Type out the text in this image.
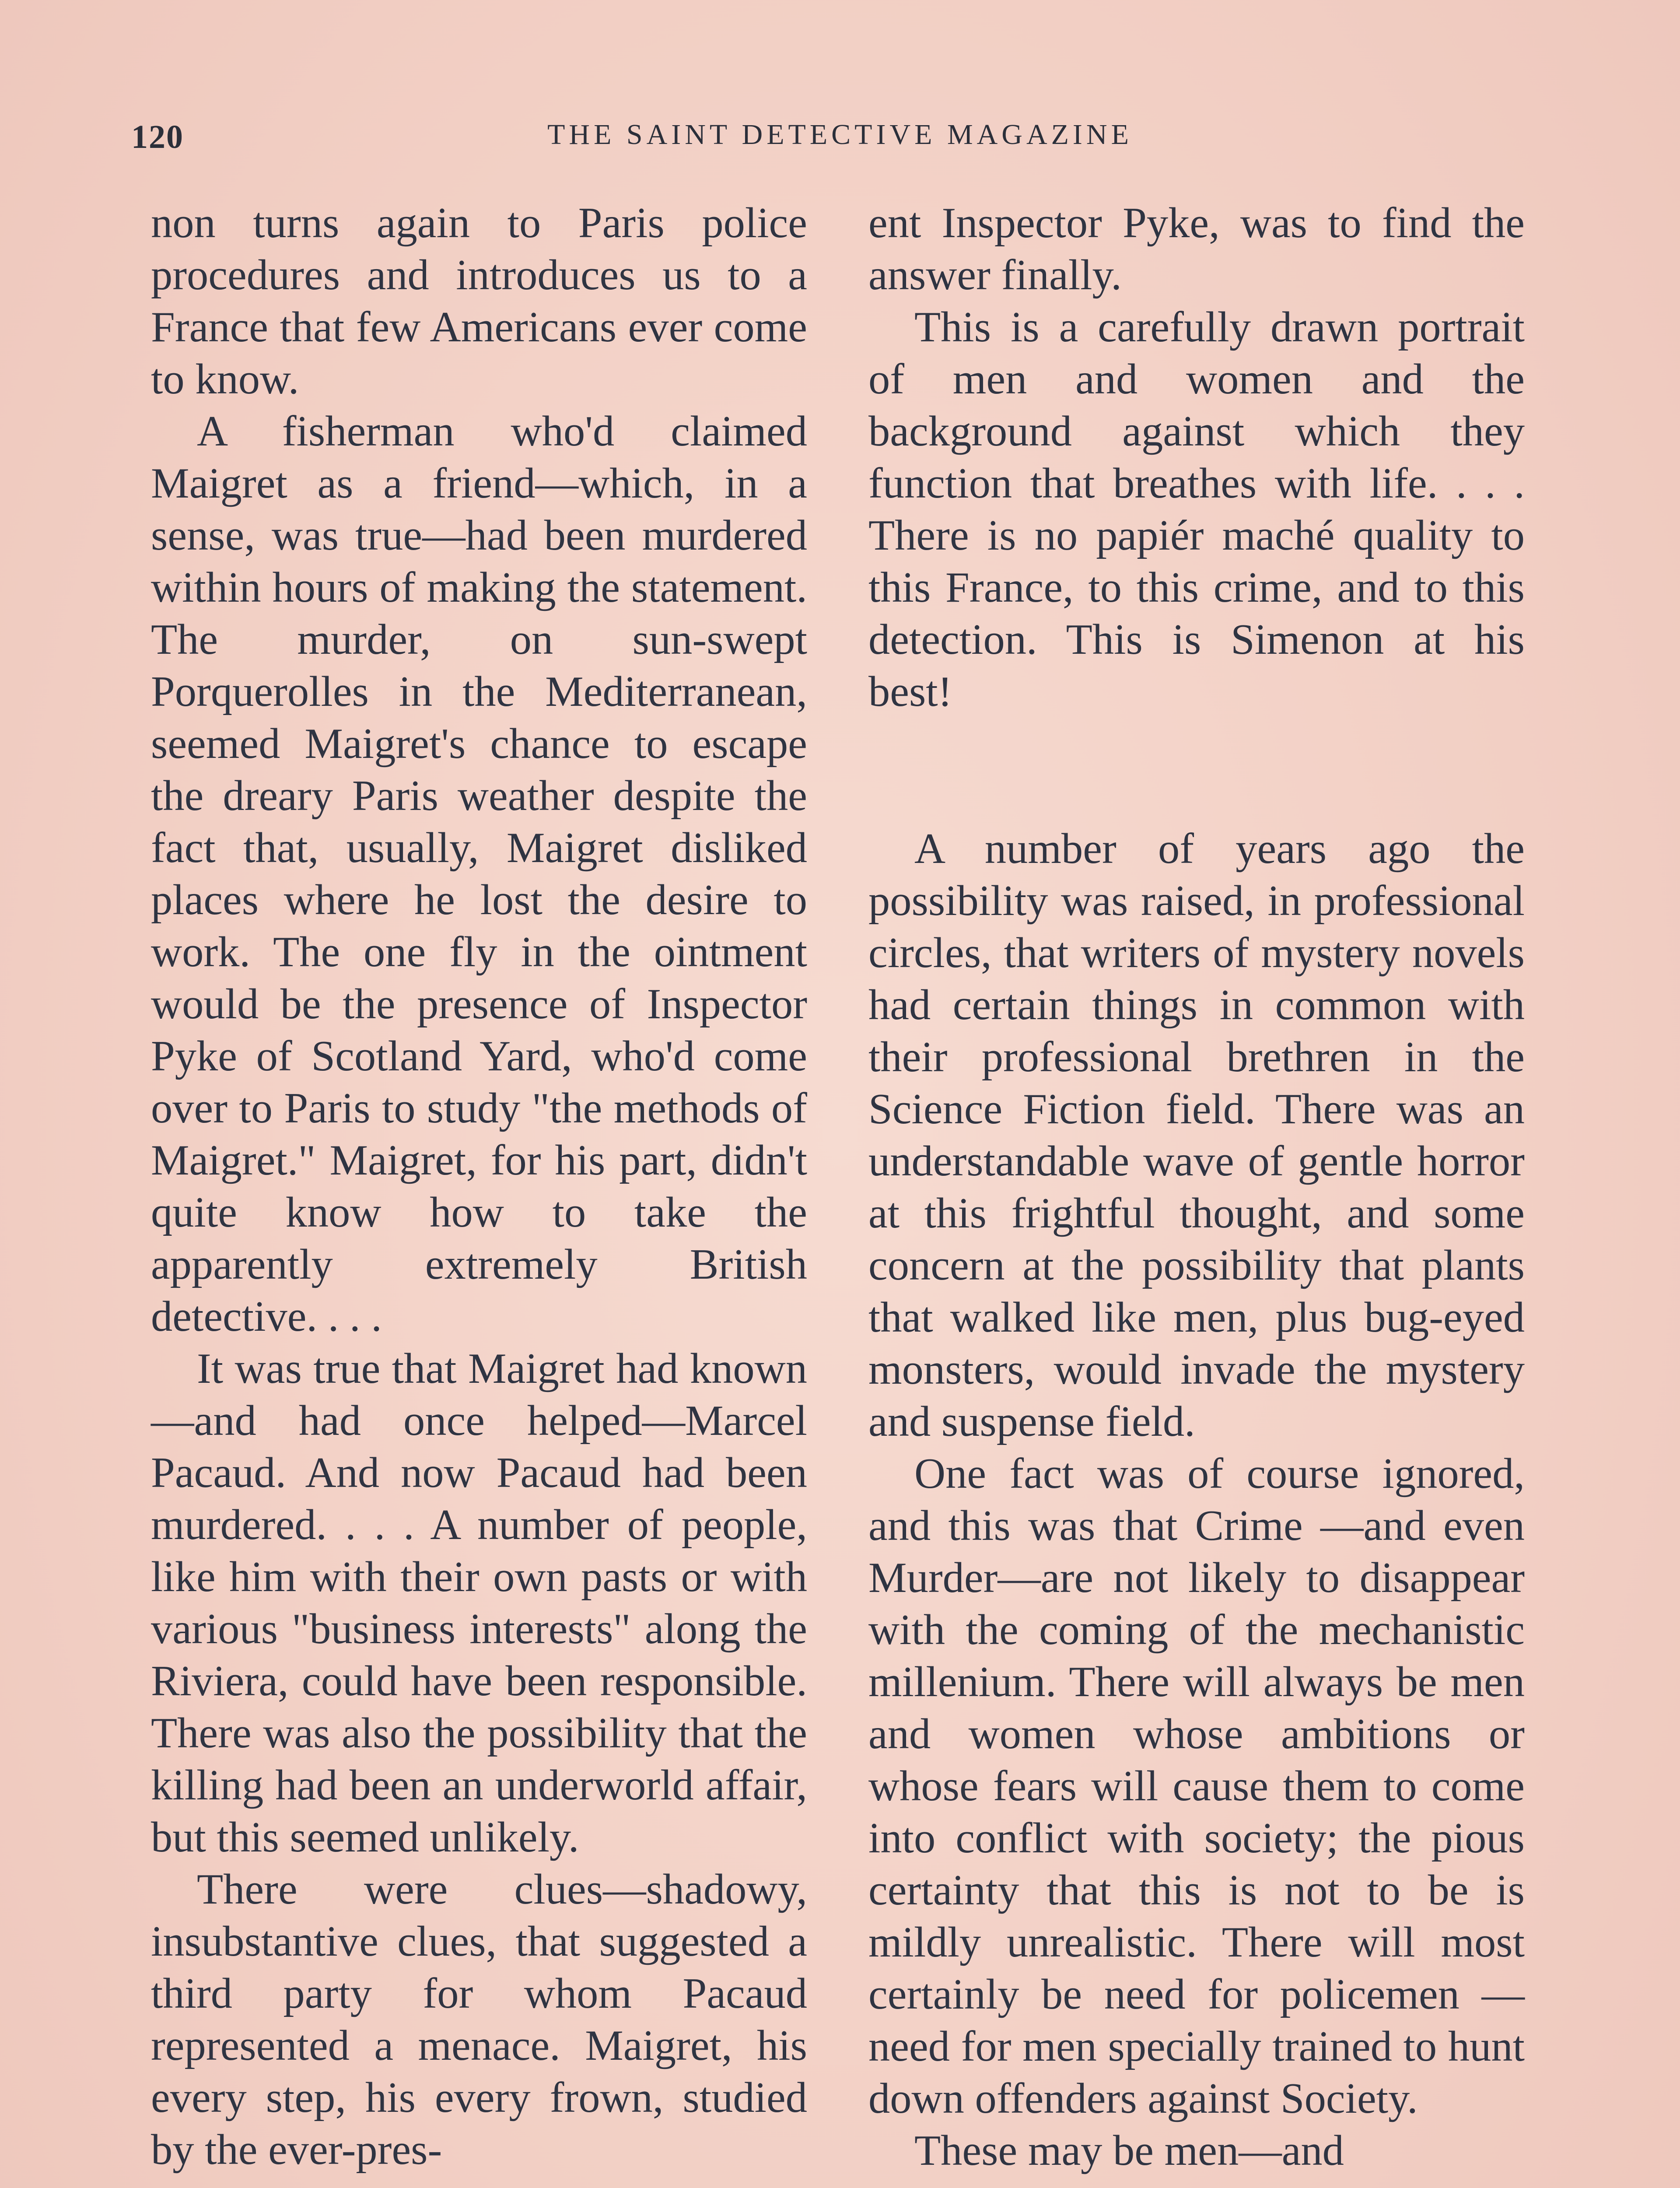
120	THE SAINT DETECTIVE MAGAZINE

non turns again to Paris police procedures and introduces us to a France that few Americans ever come to know.

A fisherman who'd claimed Maigret as a friend—which, in a sense, was true—had been murdered within hours of making the statement. The murder, on sun-swept Porquerolles in the Mediterranean, seemed Maigret's chance to escape the dreary Paris weather despite the fact that, usually, Maigret disliked places where he lost the desire to work. The one fly in the ointment would be the presence of Inspector Pyke of Scotland Yard, who'd come over to Paris to study "the methods of Maigret." Maigret, for his part, didn't quite know how to take the apparently extremely British detective. . . .

It was true that Maigret had known—and had once helped—Marcel Pacaud. And now Pacaud had been murdered. . . . A number of people, like him with their own pasts or with various "business interests" along the Riviera, could have been responsible. There was also the possibility that the killing had been an underworld affair, but this seemed unlikely.

There were clues—shadowy, insubstantive clues, that suggested a third party for whom Pacaud represented a menace. Maigret, his every step, his every frown, studied by the ever-pres-

ent Inspector Pyke, was to find the answer finally.

This is a carefully drawn portrait of men and women and the background against which they function that breathes with life. . . . There is no papiér maché quality to this France, to this crime, and to this detection. This is Simenon at his best!

A number of years ago the possibility was raised, in professional circles, that writers of mystery novels had certain things in common with their professional brethren in the Science Fiction field. There was an understandable wave of gentle horror at this frightful thought, and some concern at the possibility that plants that walked like men, plus bug-eyed monsters, would invade the mystery and suspense field.

One fact was of course ignored, and this was that Crime —and even Murder—are not likely to disappear with the coming of the mechanistic millenium. There will always be men and women whose ambitions or whose fears will cause them to come into conflict with society; the pious certainty that this is not to be is mildly unrealistic. There will most certainly be need for policemen —need for men specially trained to hunt down offenders against Society.

These may be men—and
